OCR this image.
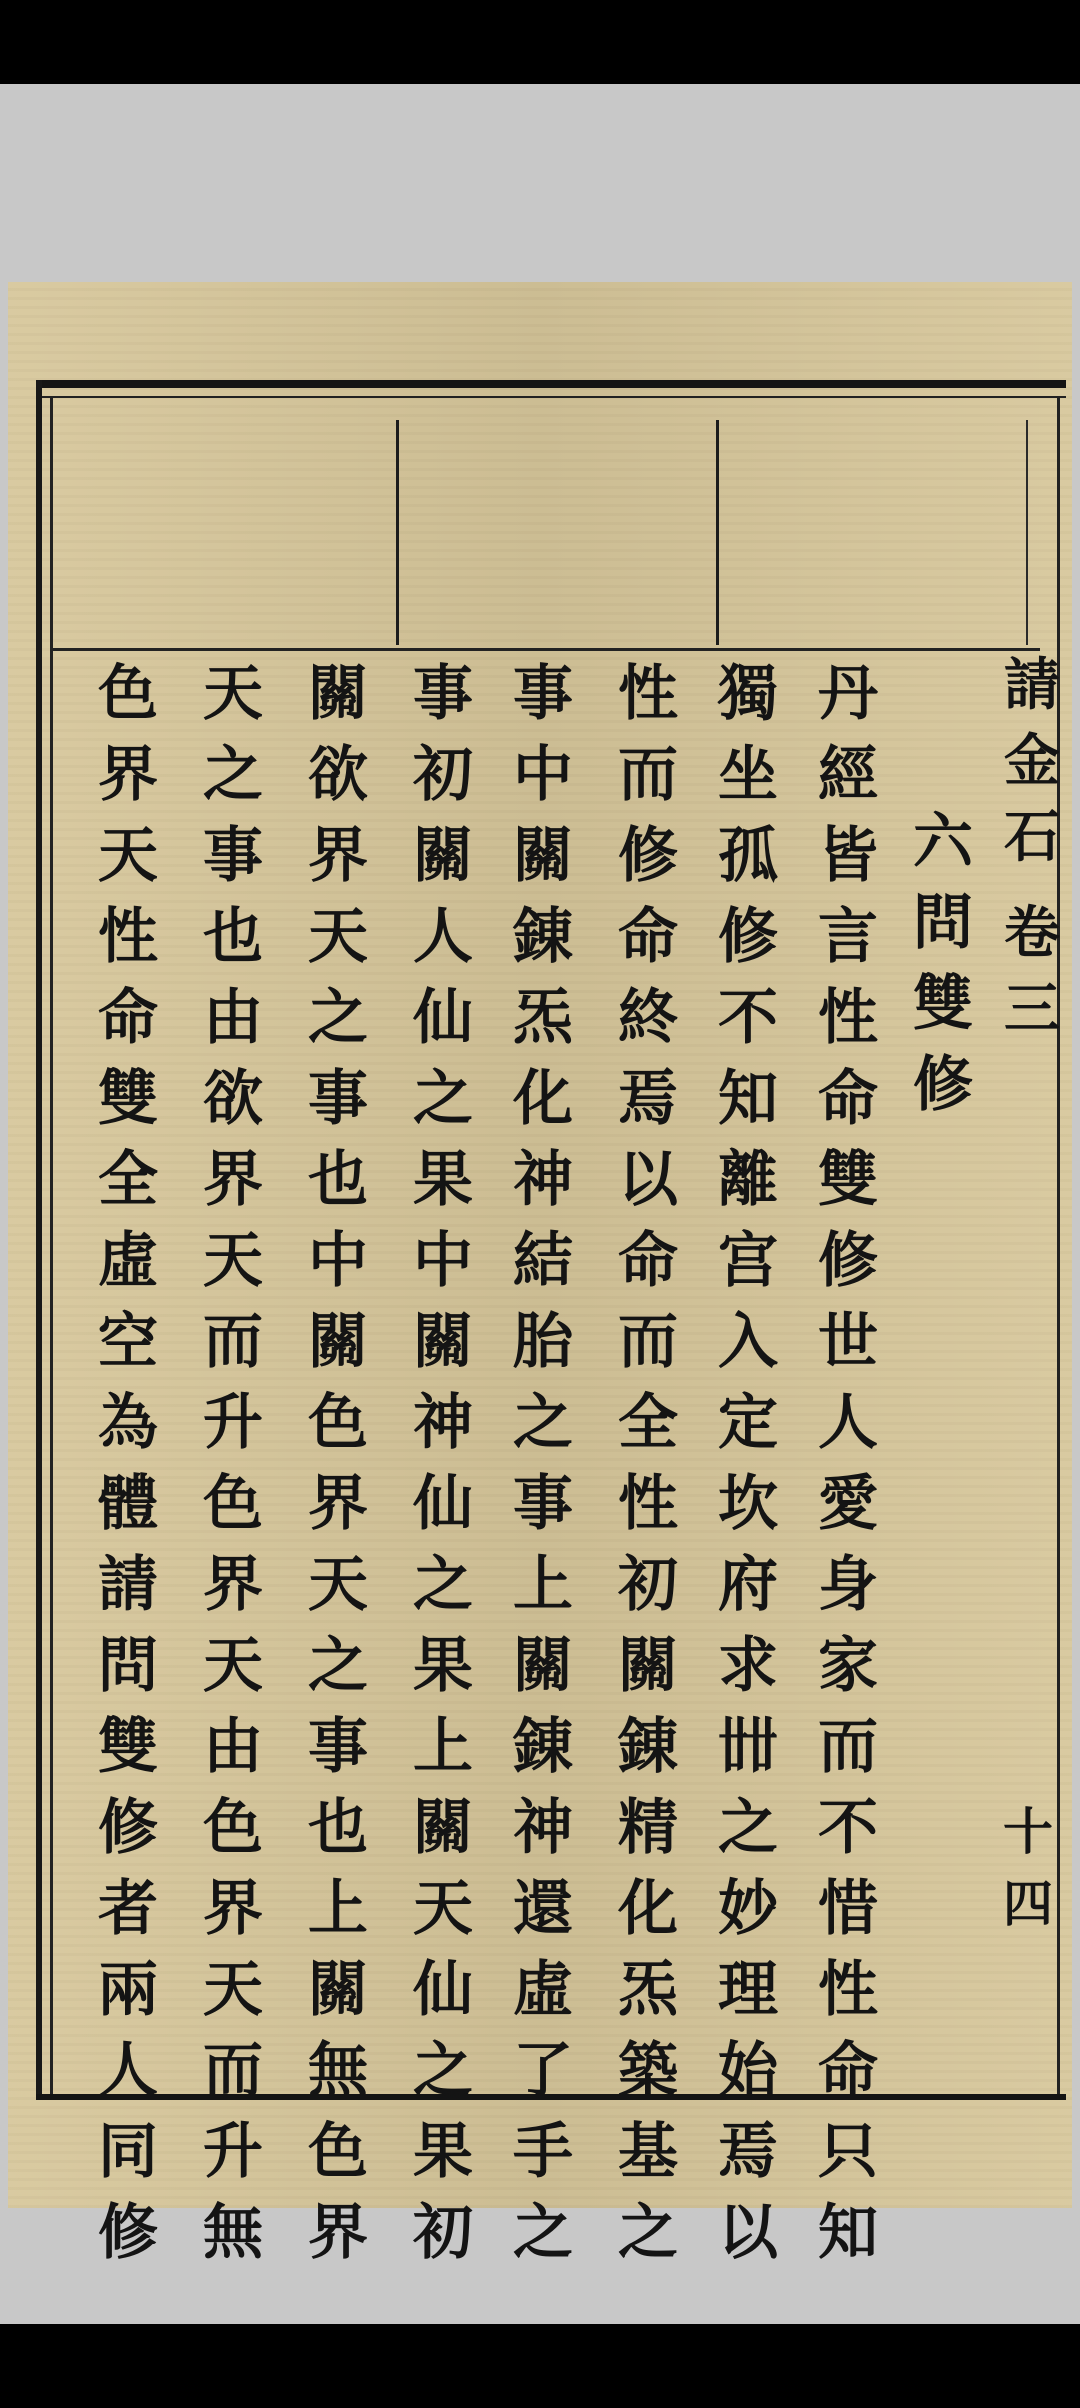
請
金
石
卷
三
十四
六
問
雙
修
丹
經
皆
言
性
命
雙
修
世
人
愛
身
家
而
不
惜
性
命
只
知
獨
坐
孤
修
不
知
離
宫
入
定
坎
府
求
𠦜
之
妙
理
始
焉
以
性
而
修
命
終
焉
以
命
而
全
性
初
關
錬
精
化
炁
築
基
之
事
中
關
錬
炁
化
神
結
胎
之
事
上
關
錬
神
還
虛
了
手
之
事
初
關
人
仙
之
果
中
關
神
仙
之
果
上
關
天
仙
之
果
初
關
欲
界
天
之
事
也
中
關
色
界
天
之
事
也
上
關
無
色
界
天
之
事
也
由
欲
界
天
而
升
色
界
天
由
色
界
天
而
升
無
色
界
天
性
命
雙
全
虛
空
為
體
請
問
雙
修
者
兩
人
同
修
